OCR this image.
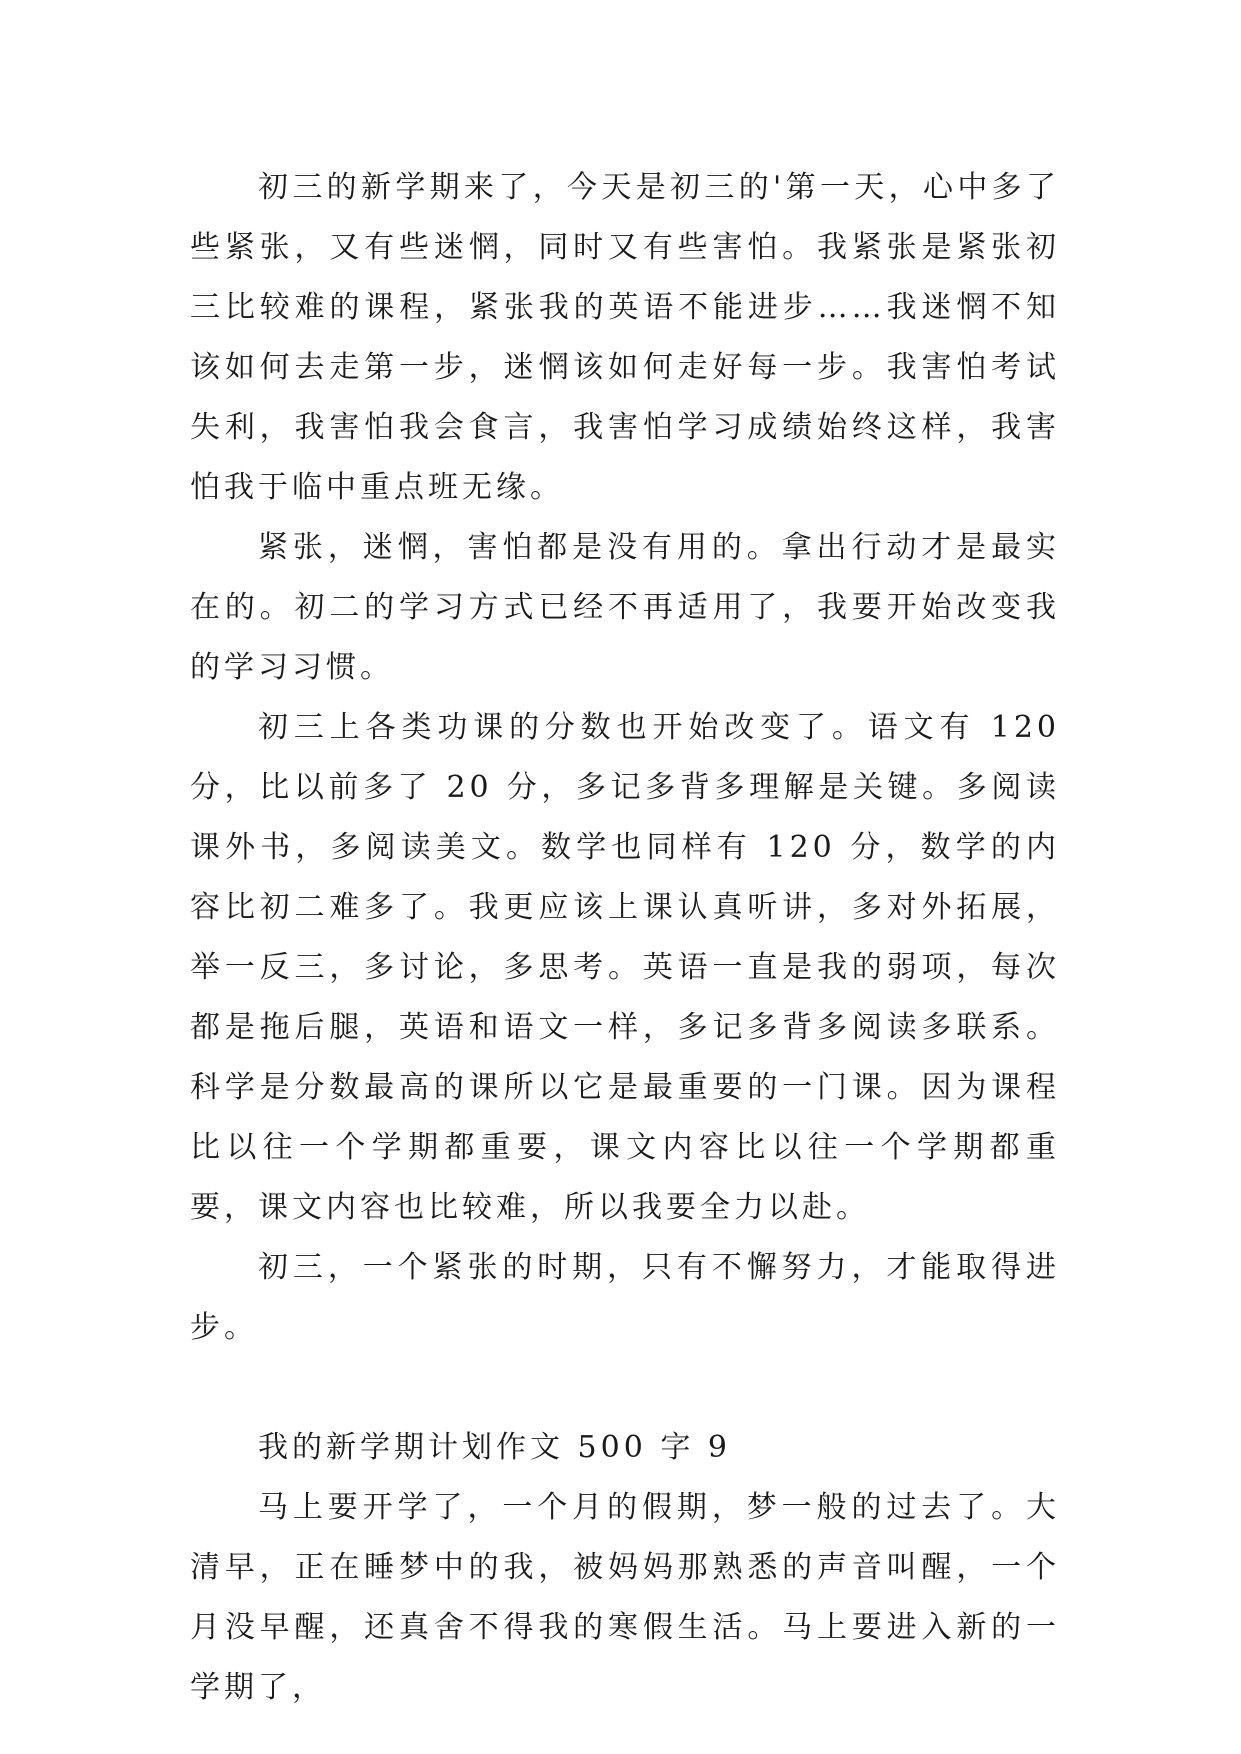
初三的新学期来了，今天是初三的'第一天，心中多了些紧张，又有些迷惘，同时又有些害怕。我紧张是紧张初三比较难的课程，紧张我的英语不能进步……我迷惘不知该如何去走第一步，迷惘该如何走好每一步。我害怕考试失利，我害怕我会食言，我害怕学习成绩始终这样，我害怕我于临中重点班无缘。

紧张，迷惘，害怕都是没有用的。拿出行动才是最实在的。初二的学习方式已经不再适用了，我要开始改变我的学习习惯。

初三上各类功课的分数也开始改变了。语文有 120 分，比以前多了 20 分，多记多背多理解是关键。多阅读课外书，多阅读美文。数学也同样有 120 分，数学的内容比初二难多了。我更应该上课认真听讲，多对外拓展，举一反三，多讨论，多思考。英语一直是我的弱项，每次都是拖后腿，英语和语文一样，多记多背多阅读多联系。科学是分数最高的课所以它是最重要的一门课。因为课程比以往一个学期都重要，课文内容比以往一个学期都重要，课文内容也比较难，所以我要全力以赴。

初三，一个紧张的时期，只有不懈努力，才能取得进步。

我的新学期计划作文 500 字 9

马上要开学了，一个月的假期，梦一般的过去了。大清早，正在睡梦中的我，被妈妈那熟悉的声音叫醒，一个月没早醒，还真舍不得我的寒假生活。马上要进入新的一学期了，
